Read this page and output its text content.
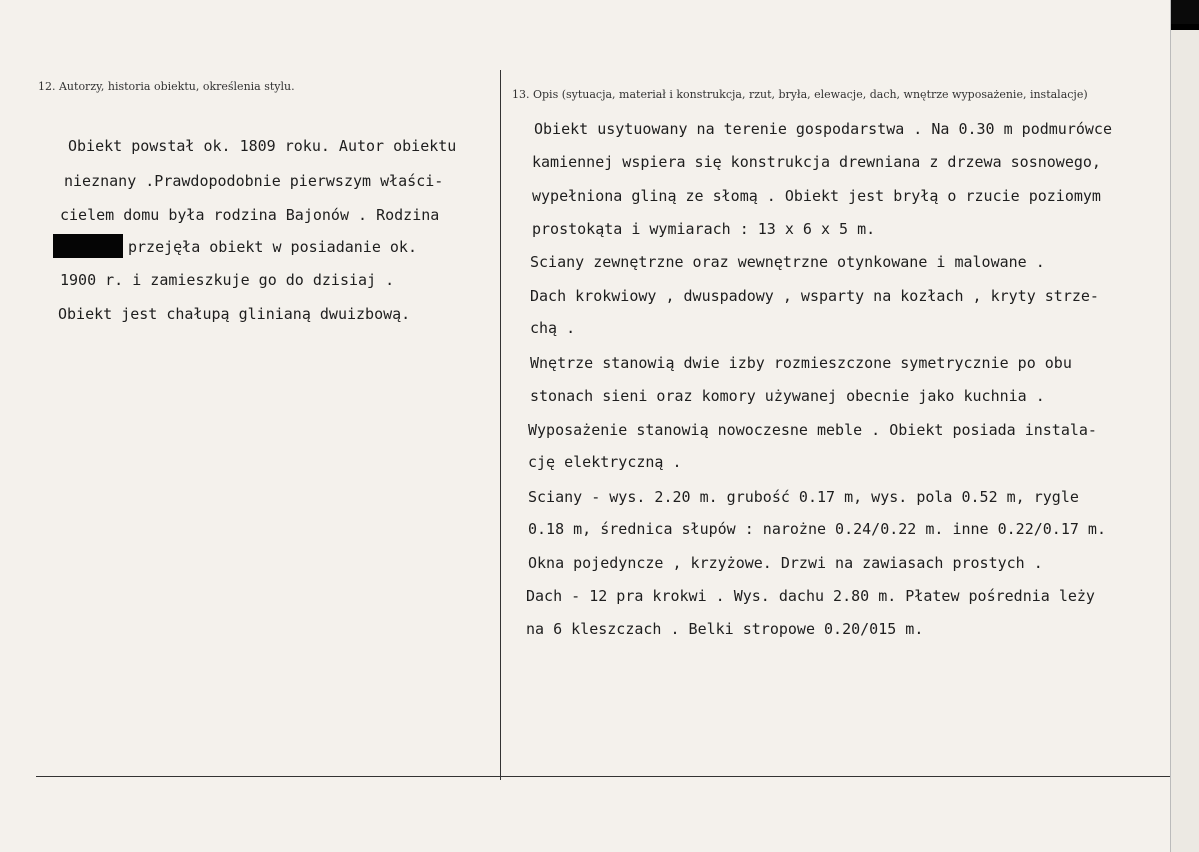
12. Autorzy, historia obiektu, określenia stylu.
13. Opis (sytuacja, materiał i konstrukcja, rzut, bryła, elewacje, dach, wnętrze wyposażenie, instalacje)
Obiekt powstał ok. 1809 roku. Autor obiektu
nieznany .Prawdopodobnie pierwszym właści-
cielem domu była rodzina Bajonów . Rodzina
przejęła obiekt w posiadanie ok.
1900 r. i zamieszkuje go do dzisiaj .
Obiekt jest chałupą glinianą dwuizbową.
Obiekt usytuowany na terenie gospodarstwa . Na 0.30 m podmurówce
kamiennej wspiera się konstrukcja drewniana z drzewa sosnowego,
wypełniona gliną ze słomą . Obiekt jest bryłą o rzucie poziomym
prostokąta i wymiarach : 13 x 6 x 5 m.
Sciany zewnętrzne oraz wewnętrzne otynkowane i malowane .
Dach krokwiowy , dwuspadowy , wsparty na kozłach , kryty strze-
chą .
Wnętrze stanowią dwie izby rozmieszczone symetrycznie po obu
stonach sieni oraz komory używanej obecnie jako kuchnia .
Wyposażenie stanowią nowoczesne meble . Obiekt posiada instala-
cję elektryczną .
Sciany - wys. 2.20 m. grubość 0.17 m, wys. pola 0.52 m, rygle
0.18 m, średnica słupów : narożne 0.24/0.22 m. inne 0.22/0.17 m.
Okna pojedyncze , krzyżowe. Drzwi na zawiasach prostych .
Dach - 12 pra krokwi . Wys. dachu 2.80 m. Płatew pośrednia leży
na 6 kleszczach . Belki stropowe 0.20/015 m.
